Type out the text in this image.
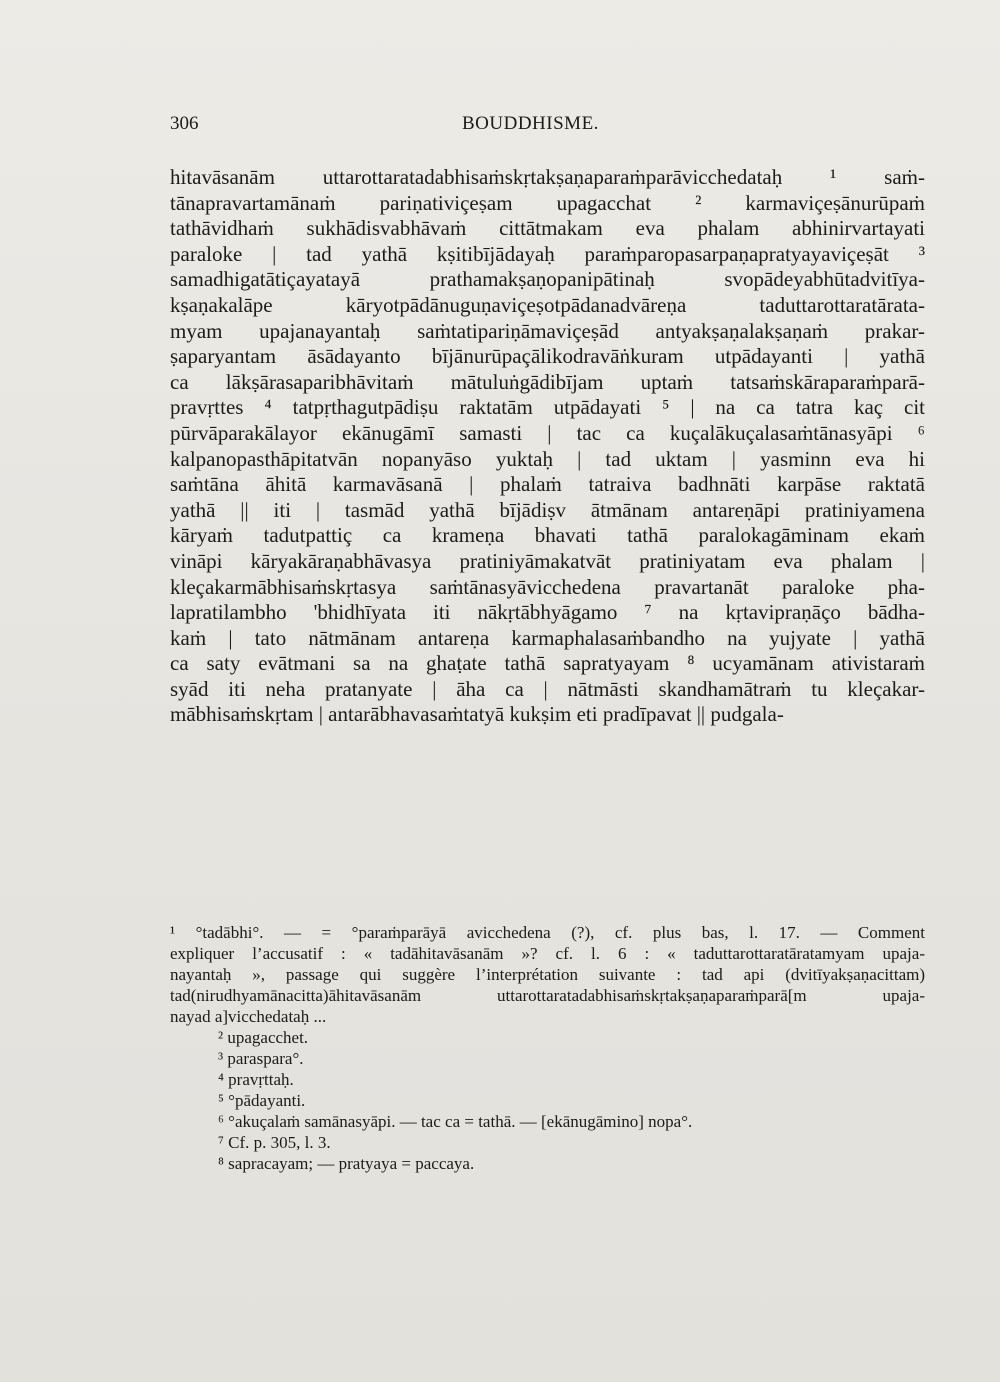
306	BOUDDHISME.
hitavāsanām uttarottaratadabhisaṁskṛtakṣaṇaparaṁparāvicchedataḥ ¹ saṁ-
tānapravartamānaṁ pariṇativiçeṣam upagacchat ² karmaviçeṣānurūpaṁ
tathāvidhaṁ sukhādisvabhāvaṁ cittātmakam eva phalam abhinirvartayati
paraloke | tad yathā kṣitibījādayaḥ paraṁparopasarpaṇapratyayaviçeṣāt ³
samadhigatātiçayatayā prathamakṣaṇopanipātinaḥ svopādeyabhūtadvitīya-
kṣaṇakalāpe kāryotpādānuguṇaviçeṣotpādanadvāreṇa taduttarottaratārata-
myam upajanayantaḥ saṁtatipariṇāmaviçeṣād antyakṣaṇalakṣaṇaṁ prakar-
ṣaparyantam āsādayanto bījānurūpaçālikodravāṅkuram utpādayanti | yathā
ca lākṣārasaparibhāvitaṁ mātuluṅgādibījam uptaṁ tatsaṁskāraparaṁparā-
pravṛttes ⁴ tatpṛthagutpādiṣu raktatām utpādayati ⁵ | na ca tatra kaç cit
pūrvāparakālayor ekānugāmī samasti | tac ca kuçalākuçalasaṁtānasyāpi ⁶
kalpanopasthāpitatvān nopanyāso yuktaḥ | tad uktam | yasminn eva hi
saṁtāna āhitā karmavāsanā | phalaṁ tatraiva badhnāti karpāse raktatā
yathā || iti | tasmād yathā bījādiṣv ātmānam antareṇāpi pratiniyamena
kāryaṁ tadutpattiç ca krameṇa bhavati tathā paralokagāminam ekaṁ
vināpi kāryakāraṇabhāvasya pratiniyāmakatvāt pratiniyatam eva phalam |
kleçakarmābhisaṁskṛtasya saṁtānasyāvicchedena pravartanāt paraloke pha-
lapratilambho 'bhidhīyata iti nākṛtābhyāgamo ⁷ na kṛtavipraṇāço bādha-
kaṁ | tato nātmānam antareṇa karmaphalasaṁbandho na yujyate | yathā
ca saty evātmani sa na ghaṭate tathā sapratyayam ⁸ ucyamānam ativistaraṁ
syād iti neha pratanyate | āha ca | nātmāsti skandhamātraṁ tu kleçakar-
mābhisaṁskṛtam | antarābhavasaṁtatyā kukṣim eti pradīpavat || pudgala-
¹ °tadābhi°. — = °paraṁparāyā avicchedena (?), cf. plus bas, l. 17. — Comment
expliquer l’accusatif : « tadāhitavāsanām »? cf. l. 6 : « taduttarottaratāratamyam upaja-
nayantaḥ », passage qui suggère l’interprétation suivante : tad api (dvitīyakṣaṇacittam)
tad(nirudhyamānacitta)āhitavāsanām uttarottaratadabhisaṁskṛtakṣaṇaparaṁparā[m upaja-
nayad a]vicchedataḥ ...
² upagacchet.
³ paraspara°.
⁴ pravṛttaḥ.
⁵ °pādayanti.
⁶ °akuçalaṁ samānasyāpi. — tac ca = tathā. — [ekānugāmino] nopa°.
⁷ Cf. p. 305, l. 3.
⁸ sapracayam; — pratyaya = paccaya.
